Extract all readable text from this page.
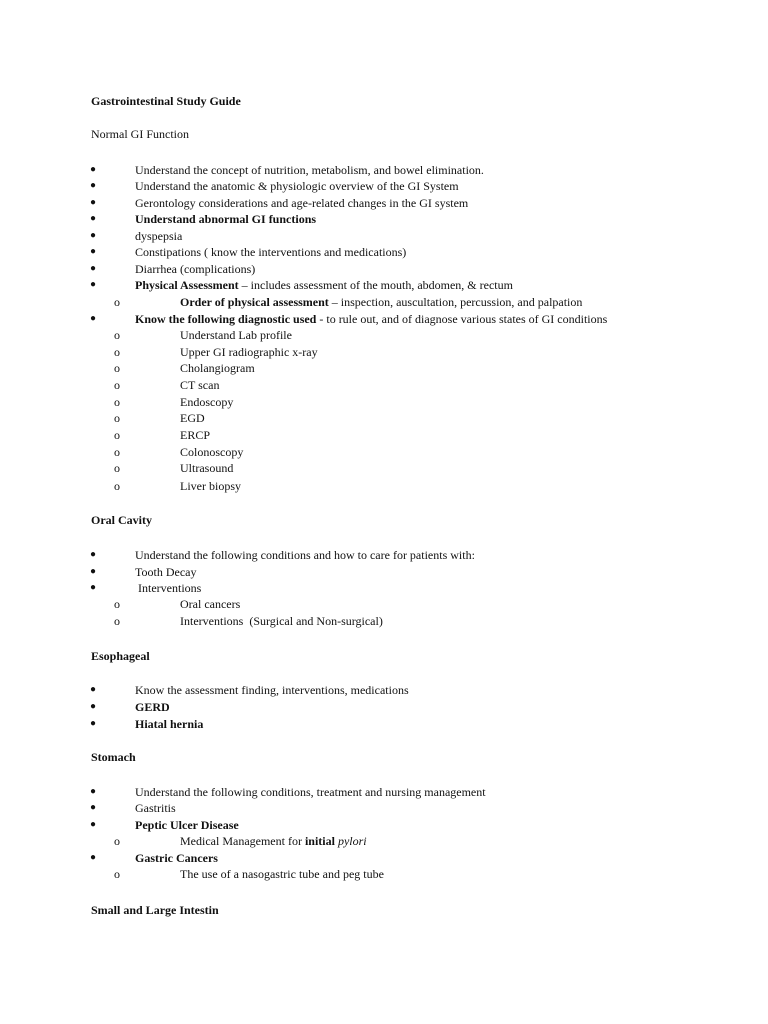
Gastrointestinal Study Guide
Normal GI Function
●	Understand the concept of nutrition, metabolism, and bowel elimination.
●	Understand the anatomic & physiologic overview of the GI System
●	Gerontology considerations and age-related changes in the GI system
●	Understand abnormal GI functions
●	dyspepsia
●	Constipations ( know the interventions and medications)
●	Diarrhea (complications)
●	Physical Assessment – includes assessment of the mouth, abdomen, & rectum
o	Order of physical assessment – inspection, auscultation, percussion, and palpation
●	Know the following diagnostic used - to rule out, and of diagnose various states of GI conditions
o	Understand Lab profile
o	Upper GI radiographic x-ray
o	Cholangiogram
o	CT scan
o	Endoscopy
o	EGD
o	ERCP
o	Colonoscopy
o	Ultrasound
o	Liver biopsy
Oral Cavity
●	Understand the following conditions and how to care for patients with:
●	Tooth Decay
●	Interventions
o	Oral cancers
o	Interventions  (Surgical and Non-surgical)
Esophageal
●	Know the assessment finding, interventions, medications
●	GERD
●	Hiatal hernia
Stomach
●	Understand the following conditions, treatment and nursing management
●	Gastritis
●	Peptic Ulcer Disease
o	Medical Management for initial pylori
●	Gastric Cancers
o	The use of a nasogastric tube and peg tube
Small and Large Intestin
